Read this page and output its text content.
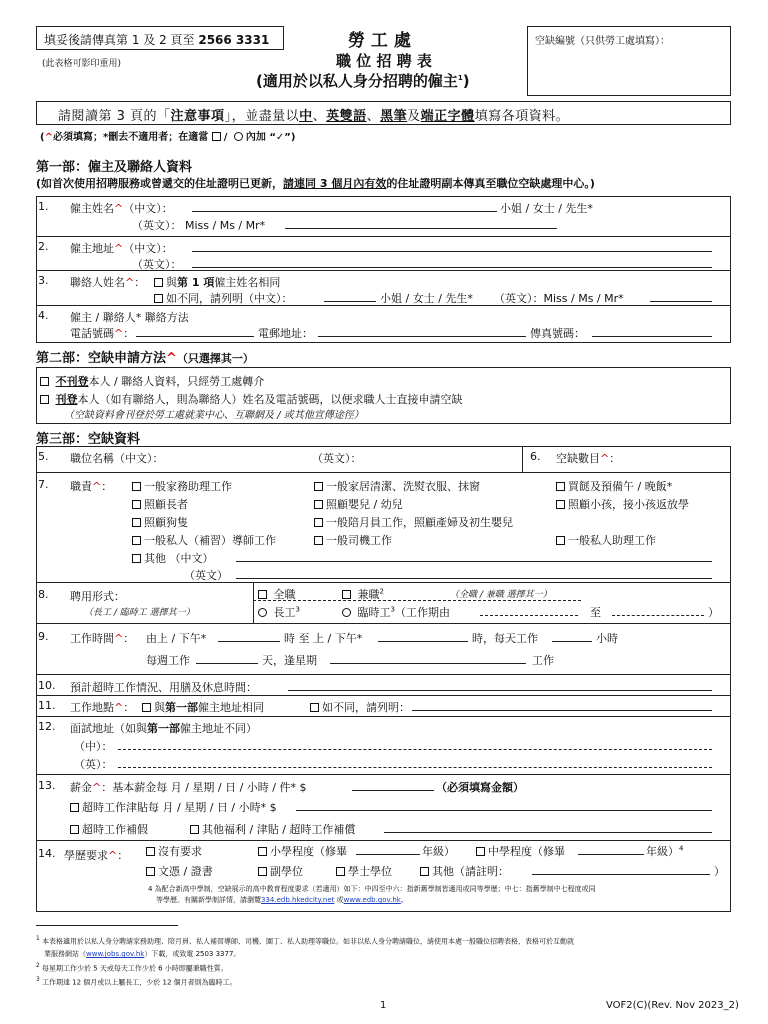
填妥後請傳真第 1 及 2 頁至 2566 3331
(此表格可影印重用)
勞 工 處
職 位 招 聘 表
(適用於以私人身分招聘的僱主$^1$)
空缺編號（只供勞工處填寫）：
請閱讀第 3 頁的「注意事項」，並盡量以中、英雙語、黑筆及端正字體填寫各項資料。
(^必須填寫；*刪去不適用者；在適當 / 內加 “✓”)
第一部：僱主及聯絡人資料
(如首次使用招聘服務或曾遞交的住址證明已更新，請連同 3 個月內有效的住址證明副本傳真至職位空缺處理中心。)
1. 僱主姓名^（中文）：	小姐 / 女士 / 先生*
（英文）： Miss / Ms / Mr*
2. 僱主地址^（中文）：
（英文）：
3. 聯絡人姓名^：	與第 1 項僱主姓名相同
如不同，請列明（中文）：	小姐 / 女士 / 先生* （英文）：Miss / Ms / Mr*
4. 僱主 / 聯絡人* 聯絡方法
電話號碼^：	電郵地址：	傳真號碼：
第二部：空缺申請方法^（只選擇其一）
不刊登本人 / 聯絡人資料，只經勞工處轉介
刊登本人（如有聯絡人，則為聯絡人）姓名及電話號碼，以便求職人士直接申請空缺
（空缺資料會刊登於勞工處就業中心、互聯網及 / 或其他宣傳途徑）
第三部：空缺資料
5. 職位名稱（中文）：	（英文）：	6. 空缺數目^：
7. 職責^：	一般家務助理工作	一般家居清潔、洗熨衣服、抹窗	買餸及預備午 / 晚飯*
照顧長者	照顧嬰兒 / 幼兒	照顧小孩，接小孩返放學
照顧狗隻	一般陪月員工作，照顧產婦及初生嬰兒
一般私人（補習）導師工作	一般司機工作	一般私人助理工作
其他 （中文）
（英文）
8. 聘用形式：	全職	兼職$^2$	（全職 / 兼職 選擇其一）
（長工 / 臨時工 選擇其一）	長工$^3$	臨時工$^3$（工作期由	至	）
9. 工作時間^： 由上 / 下午*	時 至 上 / 下午*	時，每天工作	小時
每週工作	天，逢星期	工作
10. 預計超時工作情況、用膳及休息時間：
11. 工作地點^：	與第一部僱主地址相同	如不同，請列明：
12. 面試地址（如與第一部僱主地址不同）
（中）：
（英）：
13. 薪金^：基本薪金每 月 / 星期 / 日 / 小時 / 件* $	（必須填寫金額）
超時工作津貼每 月 / 星期 / 日 / 小時* $
超時工作補假	其他福利 / 津貼 / 超時工作補償
14. 學歷要求^：	沒有要求	小學程度（修畢	年級）	中學程度（修畢	年級）$^4$
文憑 / 證書	副學位	學士學位	其他（請註明：	）
4 為配合新高中學制，空缺展示的高中教育程度要求（若適用）如下：中四至中六：指新舊學制皆適用或同等學歷；中七：指舊學制中七程度或同
等學歷。有關新學制詳情，請瀏覽334.edb.hkedcity.net 或www.edb.gov.hk。
$^1$ 本表格適用於以私人身分聘請家務助理、陪月員、私人補習導師、司機、園丁、私人助理等職位。如非以私人身分聘請職位，請使用本處一般職位招聘表格，表格可於互動就
業服務網站（www.jobs.gov.hk）下載，或致電 2503 3377。
$^2$ 每星期工作少於 5 天或每天工作少於 6 小時即屬兼職性質。
$^3$ 工作期達 12 個月或以上屬長工，少於 12 個月者則為臨時工。
1	VOF2(C)(Rev. Nov 2023_2)
